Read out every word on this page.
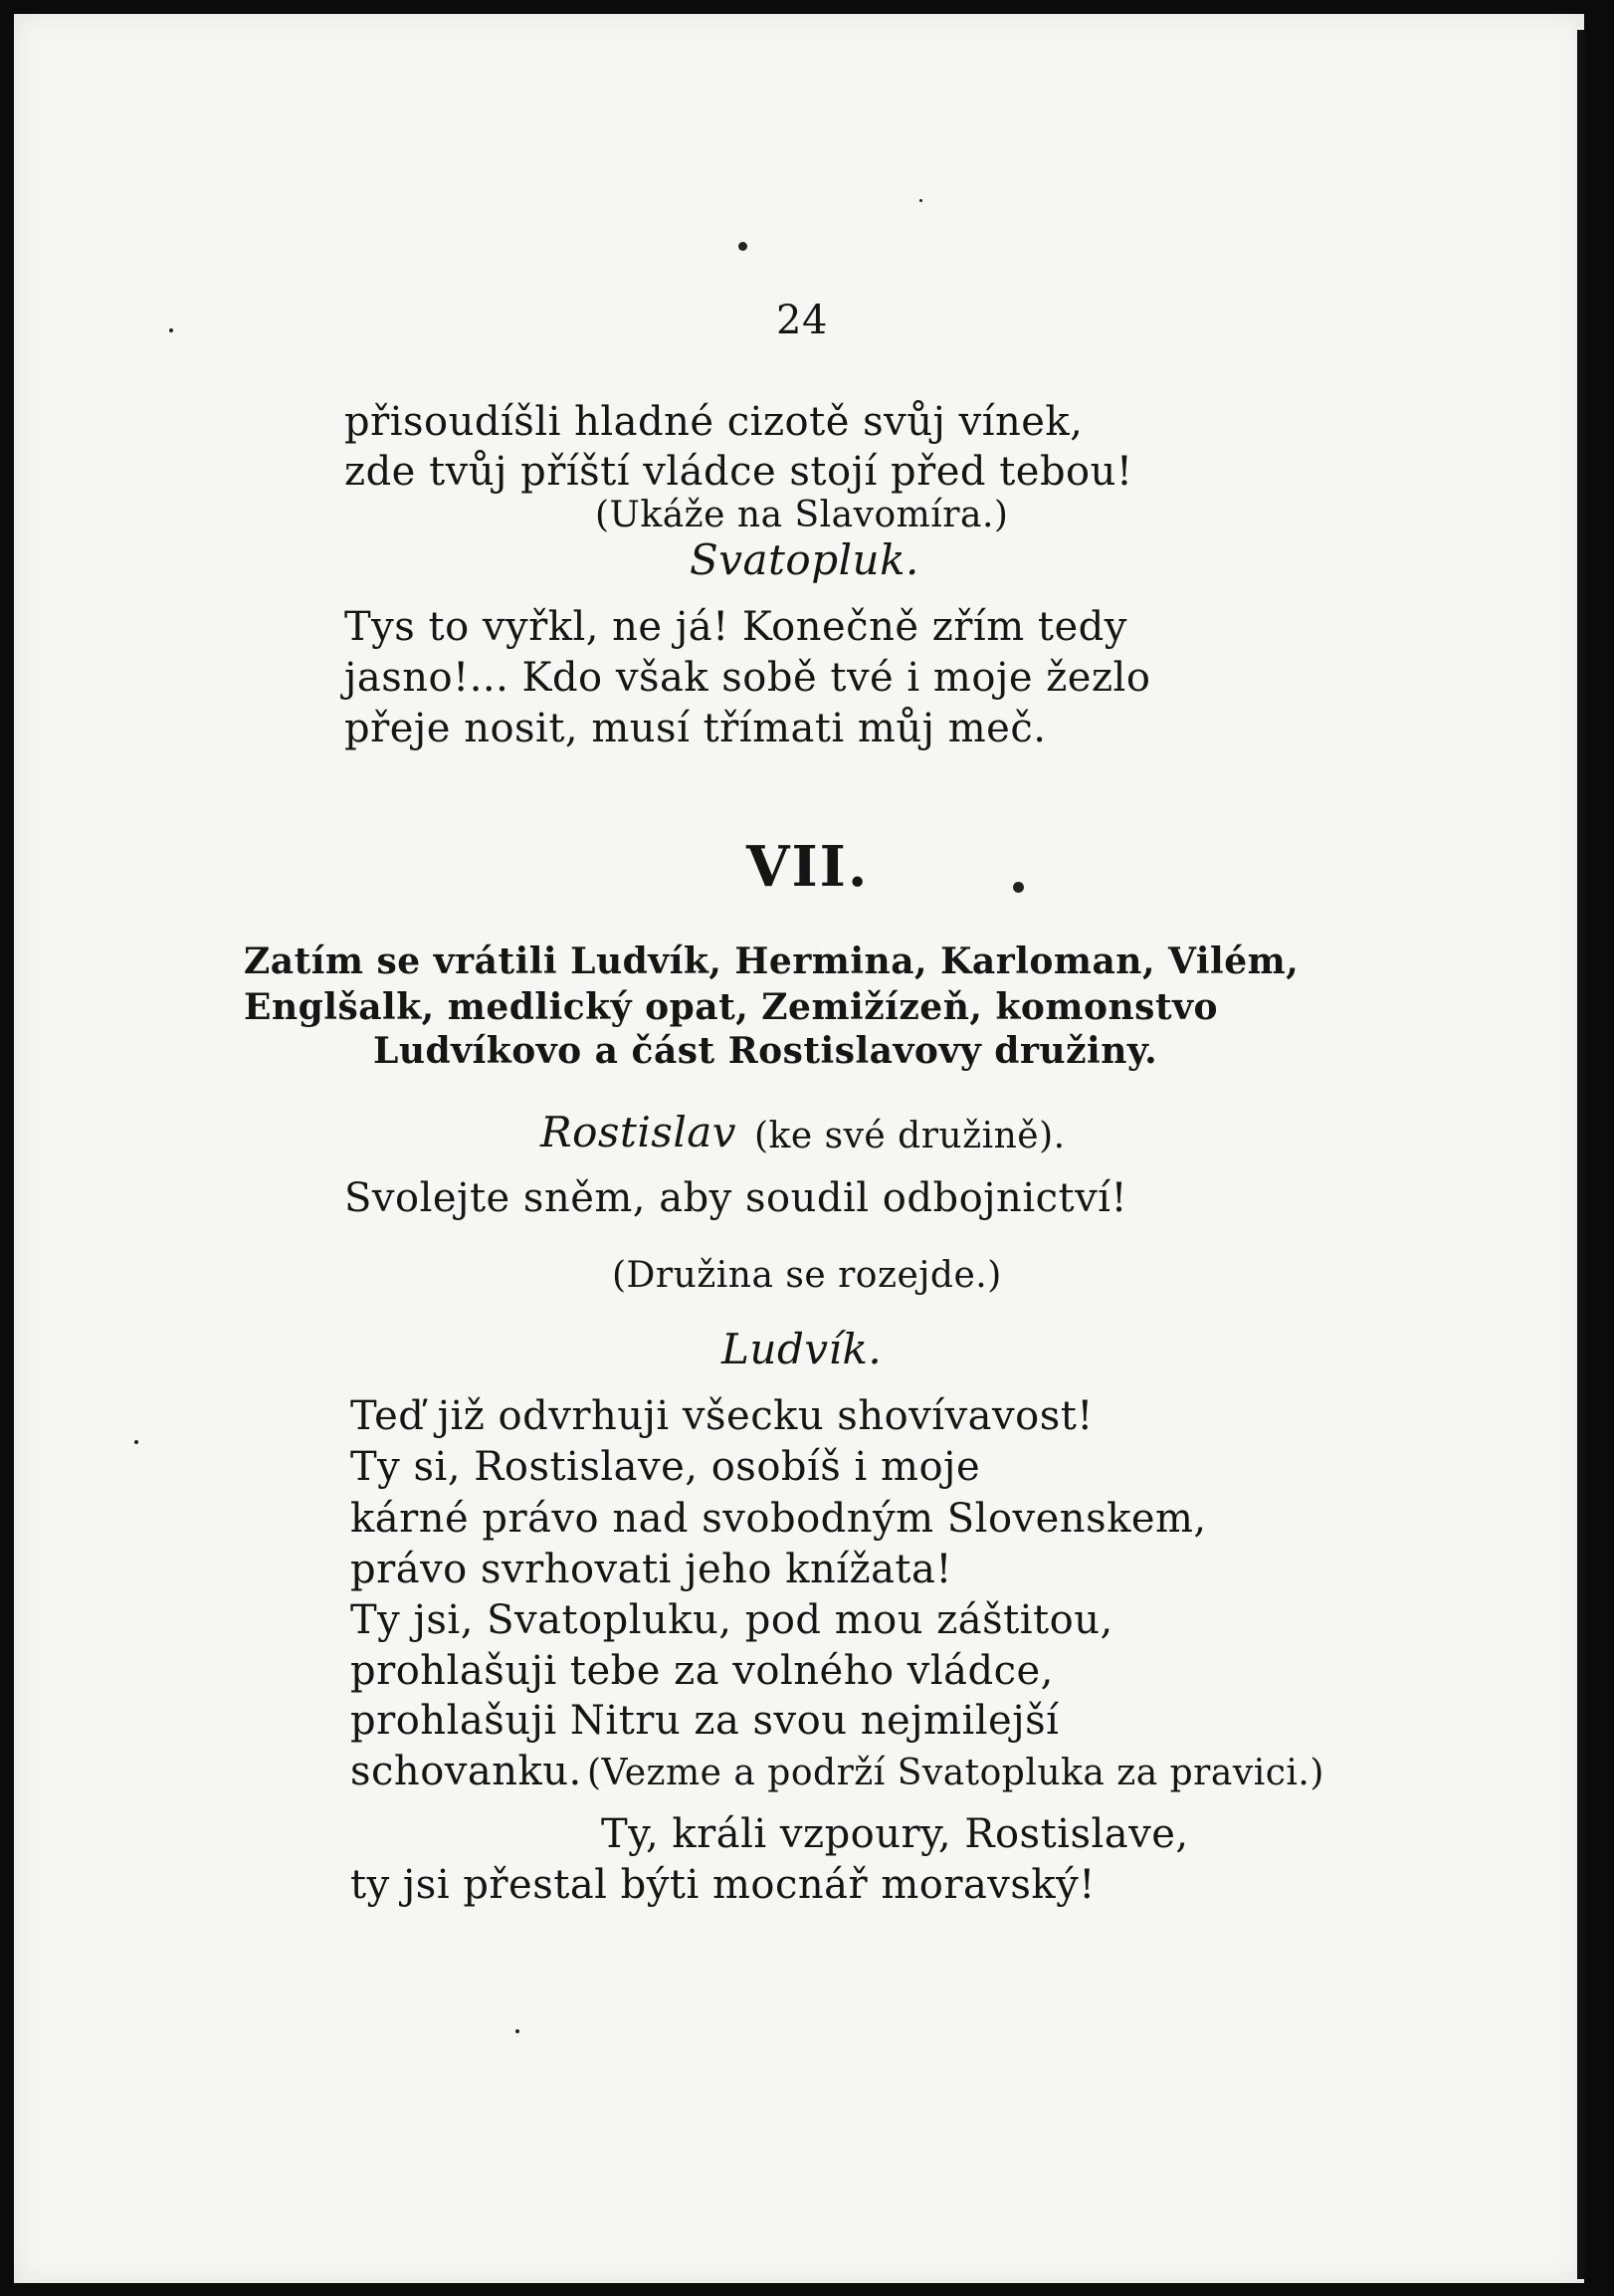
24
přisoudíšli hladné cizotě svůj vínek,
zde tvůj příští vládce stojí před tebou!
(Ukáže na Slavomíra.)
Svatopluk.
Tys to vyřkl, ne já! Konečně zřím tedy
jasno!... Kdo však sobě tvé i moje žezlo
přeje nosit, musí třímati můj meč.
VII.
Zatím se vrátili Ludvík, Hermina, Karloman, Vilém,
Englšalk, medlický opat, Zemižízeň, komonstvo
Ludvíkovo a část Rostislavovy družiny.
Rostislav (ke své družině).
Svolejte sněm, aby soudil odbojnictví!
(Družina se rozejde.)
Ludvík.
Teď již odvrhuji všecku shovívavost!
Ty si, Rostislave, osobíš i moje
kárné právo nad svobodným Slovenskem,
právo svrhovati jeho knížata!
Ty jsi, Svatopluku, pod mou záštitou,
prohlašuji tebe za volného vládce,
prohlašuji Nitru za svou nejmilejší
schovanku. (Vezme a podrží Svatopluka za pravici.)
Ty, králi vzpoury, Rostislave,
ty jsi přestal býti mocnář moravský!
